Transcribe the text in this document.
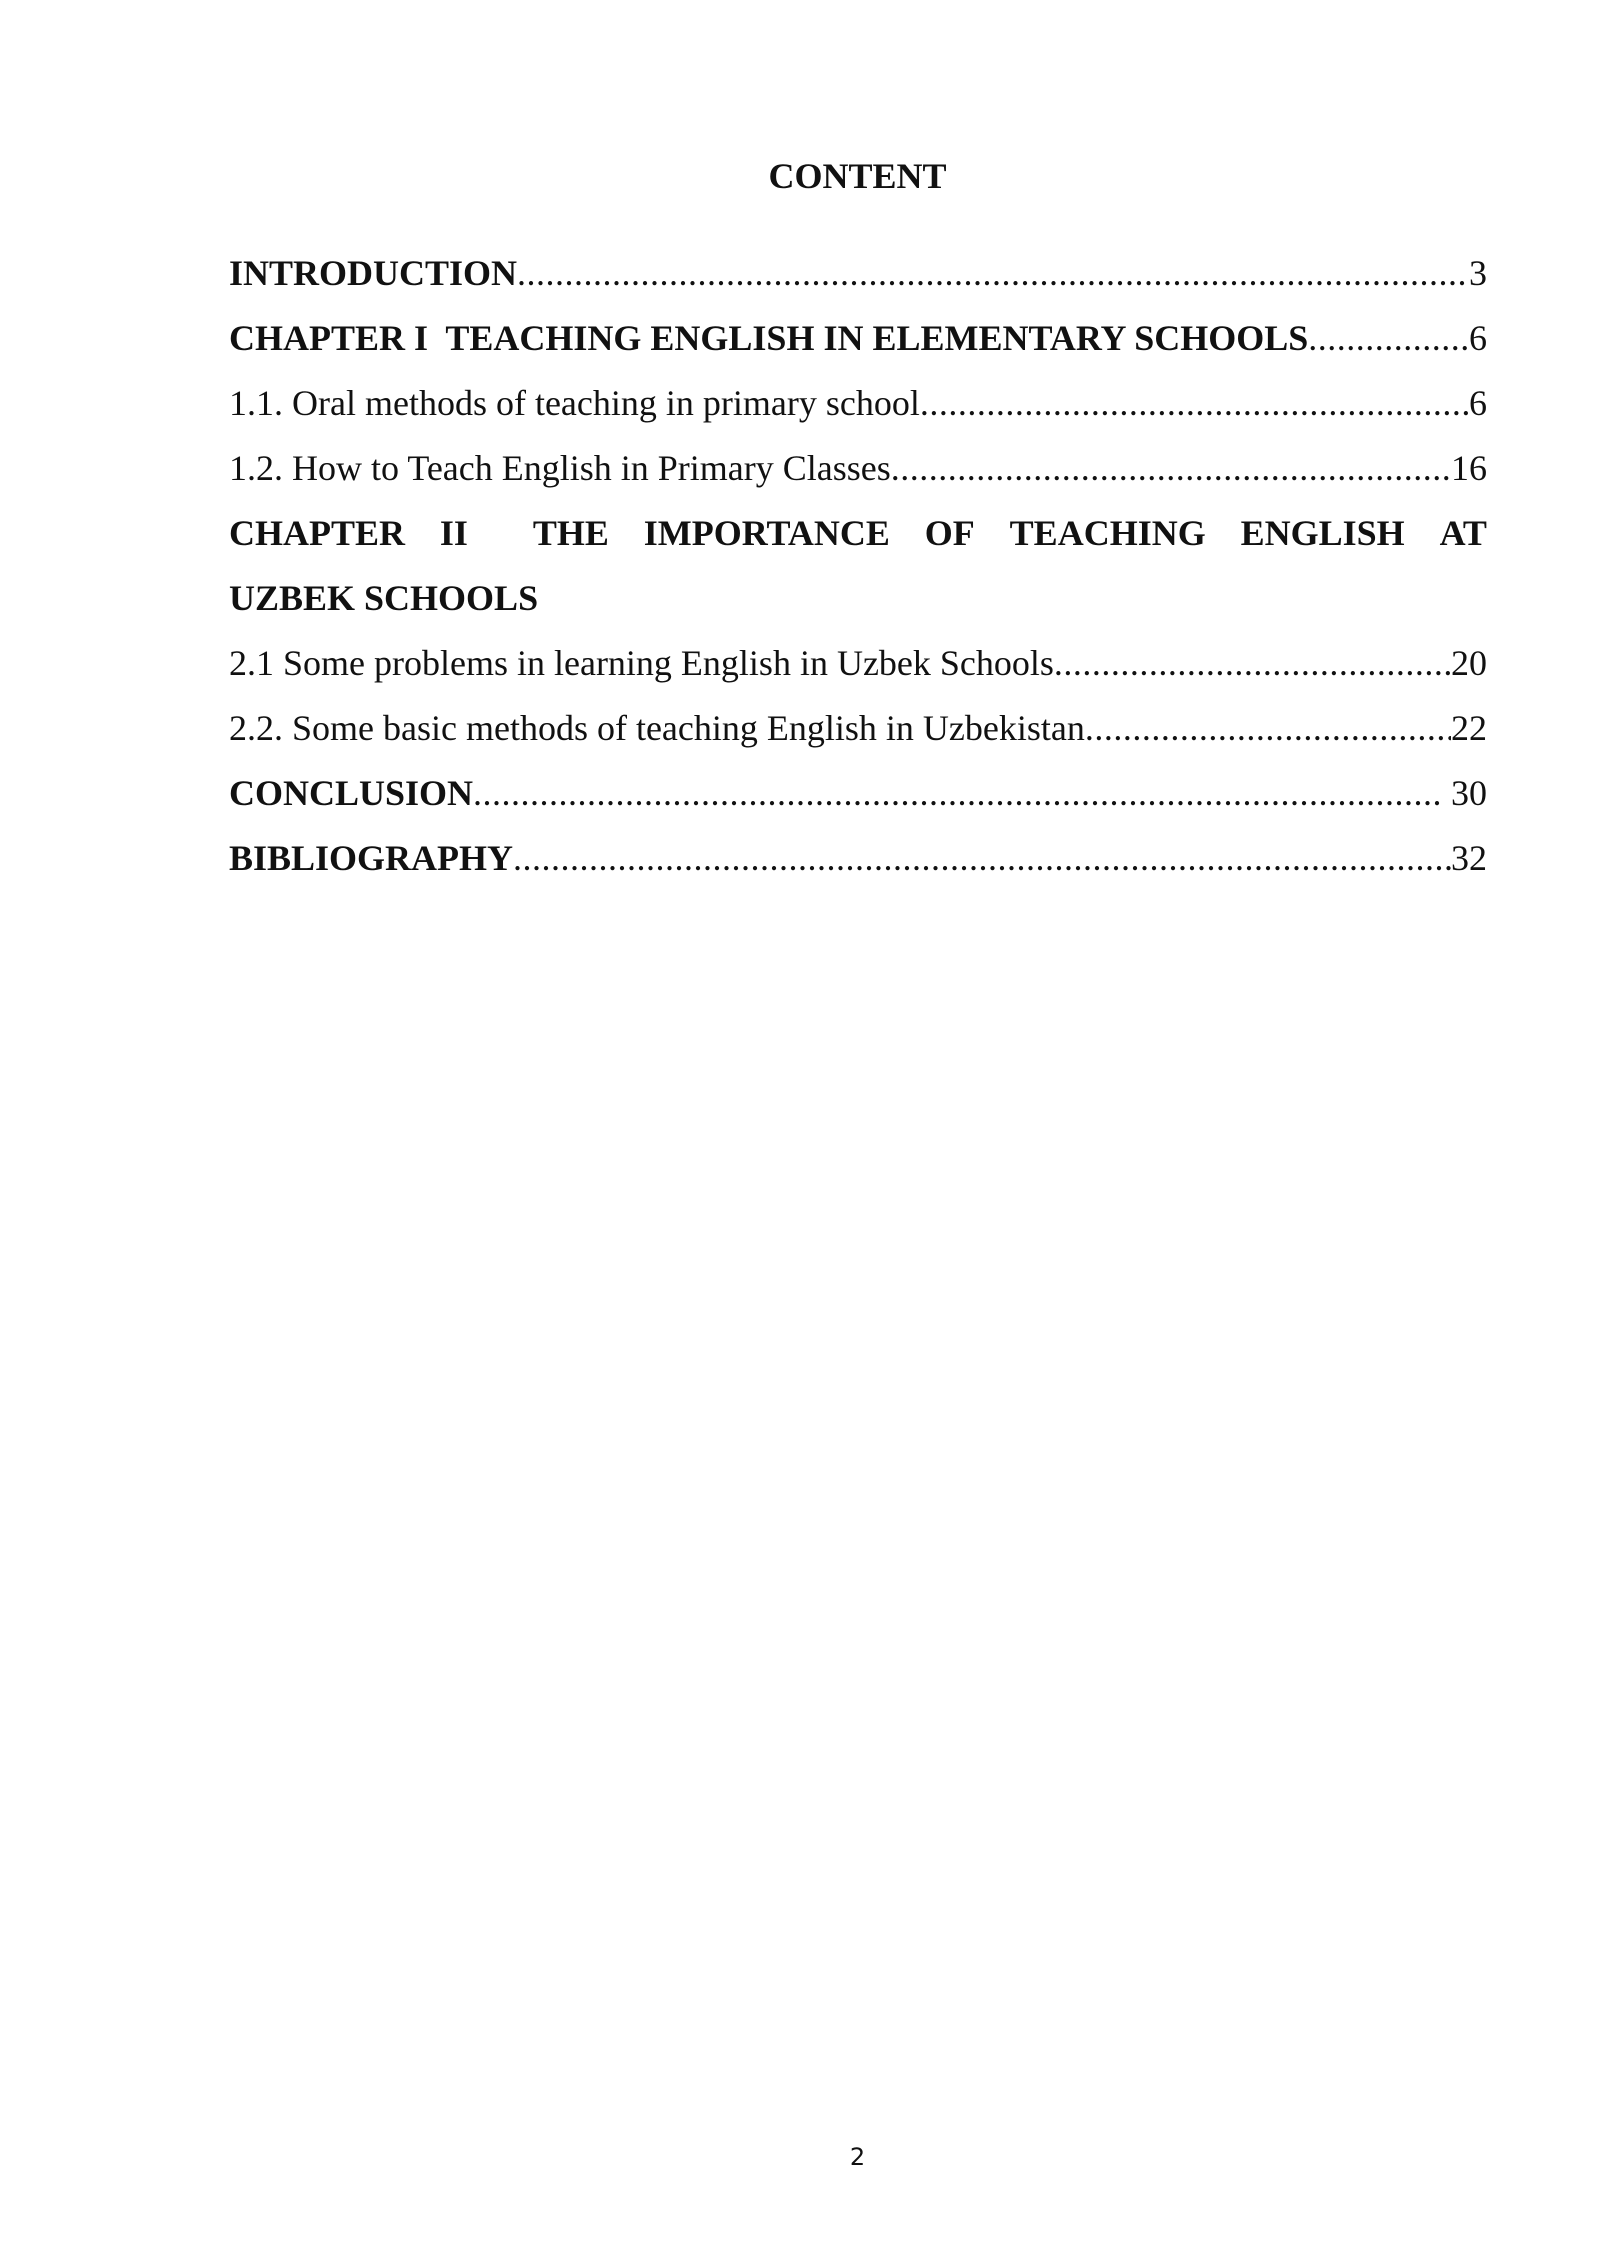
CONTENT
INTRODUCTION .....	3
CHAPTER I  TEACHING ENGLISH IN ELEMENTARY SCHOOLS .....	6
1.1. Oral methods of teaching in primary school .....	6
1.2. How to Teach English in Primary Classes .....	16
CHAPTER II THE IMPORTANCE OF TEACHING ENGLISH AT
UZBEK SCHOOLS
2.1 Some problems in learning English in Uzbek Schools .....	20
2.2. Some basic methods of teaching English in Uzbekistan .....	22
CONCLUSION .....	30
BIBLIOGRAPHY .....	32
2
